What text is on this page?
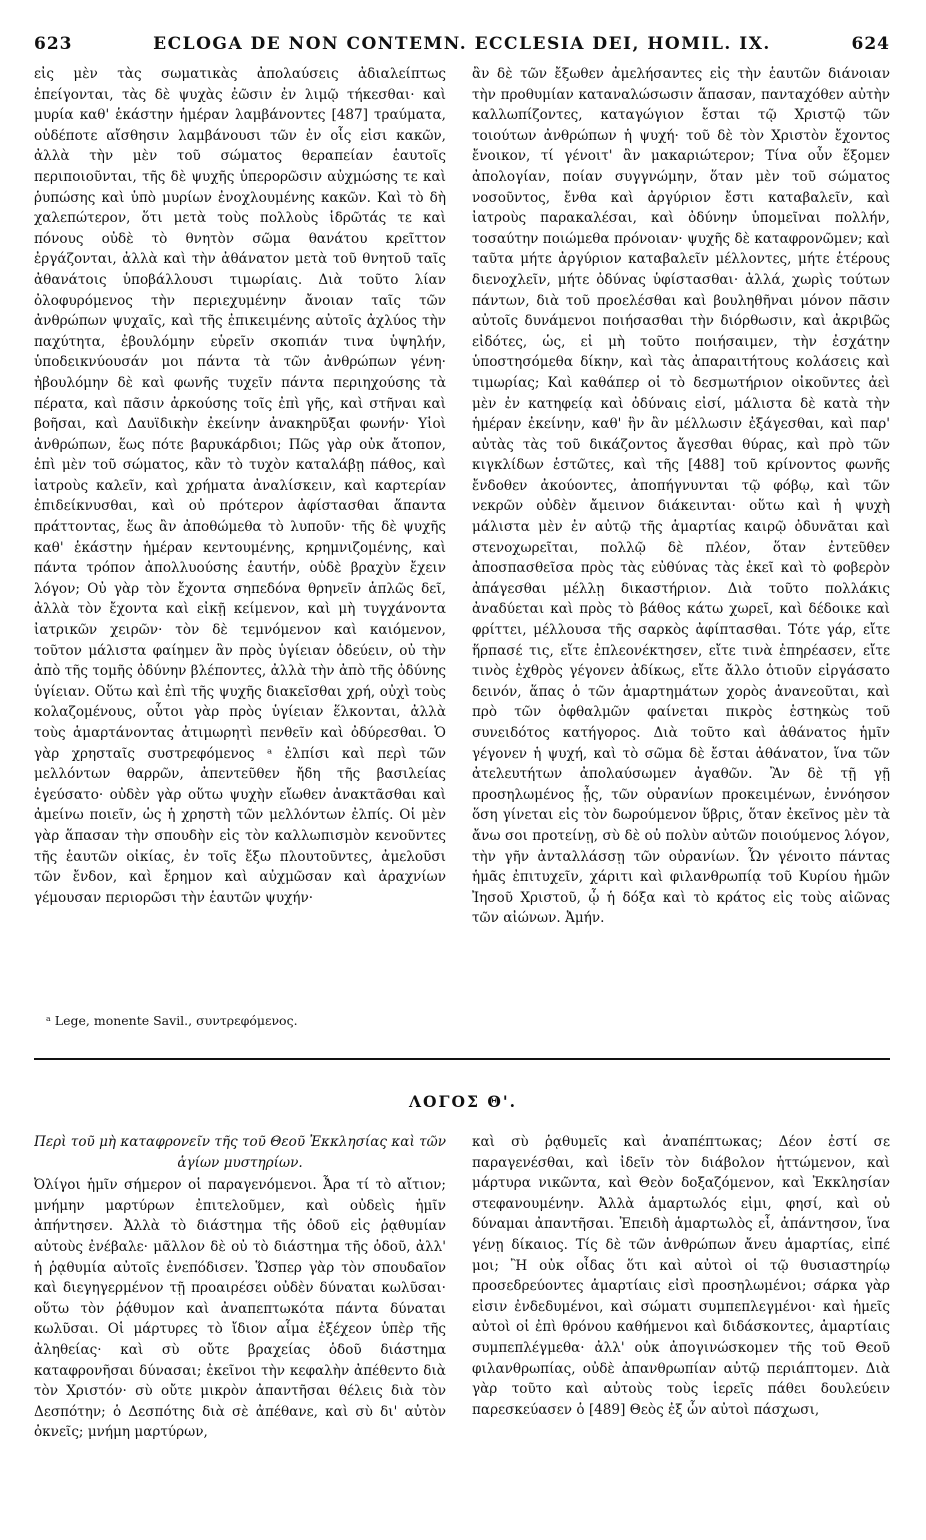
623	ECLOGA DE NON CONTEMN. ECCLESIA DEI, HOMIL. IX.	624

εἰς μὲν τὰς σωματικὰς ἀπολαύσεις ἀδιαλείπτως ἐπείγονται, τὰς δὲ ψυχὰς ἐῶσιν ἐν λιμῷ τήκεσθαι· καὶ μυρία καθ' ἑκάστην ἡμέραν λαμβάνοντες [487] τραύματα, οὐδέποτε αἴσθησιν λαμβάνουσι τῶν ἐν οἷς εἰσι κακῶν, ἀλλὰ τὴν μὲν τοῦ σώματος θεραπείαν ἑαυτοῖς περιποιοῦνται, τῆς δὲ ψυχῆς ὑπερορῶσιν αὐχμώσης τε καὶ ῥυπώσης καὶ ὑπὸ μυρίων ἐνοχλουμένης κακῶν. Καὶ τὸ δὴ χαλεπώτερον, ὅτι μετὰ τοὺς πολλοὺς ἱδρῶτάς τε καὶ πόνους οὐδὲ τὸ θνητὸν σῶμα θανάτου κρεῖττον ἐργάζονται, ἀλλὰ καὶ τὴν ἀθάνατον μετὰ τοῦ θνητοῦ ταῖς ἀθανάτοις ὑποβάλλουσι τιμωρίαις. Διὰ τοῦτο λίαν ὀλοφυρόμενος τὴν περιεχυμένην ἄνοιαν ταῖς τῶν ἀνθρώπων ψυχαῖς, καὶ τῆς ἐπικειμένης αὐτοῖς ἀχλύος τὴν παχύτητα, ἐβουλόμην εὑρεῖν σκοπιάν τινα ὑψηλήν, ὑποδεικνύουσάν μοι πάντα τὰ τῶν ἀνθρώπων γένη· ἠβουλόμην δὲ καὶ φωνῆς τυχεῖν πάντα περιηχούσης τὰ πέρατα, καὶ πᾶσιν ἀρκούσης τοῖς ἐπὶ γῆς, καὶ στῆναι καὶ βοῆσαι, καὶ Δαυϊδικὴν ἐκείνην ἀνακηρῦξαι φωνήν· Υἱοὶ ἀνθρώπων, ἕως πότε βαρυκάρδιοι; Πῶς γὰρ οὐκ ἄτοπον, ἐπὶ μὲν τοῦ σώματος, κἂν τὸ τυχὸν καταλάβῃ πάθος, καὶ ἰατροὺς καλεῖν, καὶ χρήματα ἀναλίσκειν, καὶ καρτερίαν ἐπιδείκνυσθαι, καὶ οὐ πρότερον ἀφίστασθαι ἅπαντα πράττοντας, ἕως ἂν ἀποθώμεθα τὸ λυποῦν· τῆς δὲ ψυχῆς καθ' ἑκάστην ἡμέραν κεντουμένης, κρημνιζομένης, καὶ πάντα τρόπον ἀπολλυούσης ἑαυτήν, οὐδὲ βραχὺν ἔχειν λόγον; Οὐ γὰρ τὸν ἔχοντα σηπεδόνα θρηνεῖν ἁπλῶς δεῖ, ἀλλὰ τὸν ἔχοντα καὶ εἰκῇ κείμενον, καὶ μὴ τυγχάνοντα ἰατρικῶν χειρῶν· τὸν δὲ τεμνόμενον καὶ καιόμενον, τοῦτον μάλιστα φαίημεν ἂν πρὸς ὑγίειαν ὁδεύειν, οὐ τὴν ἀπὸ τῆς τομῆς ὀδύνην βλέποντες, ἀλλὰ τὴν ἀπὸ τῆς ὀδύνης ὑγίειαν. Οὕτω καὶ ἐπὶ τῆς ψυχῆς διακεῖσθαι χρή, οὐχὶ τοὺς κολαζομένους, οὗτοι γὰρ πρὸς ὑγίειαν ἕλκονται, ἀλλὰ τοὺς ἁμαρτάνοντας ἀτιμωρητὶ πενθεῖν καὶ ὀδύρεσθαι. Ὁ γὰρ χρησταῖς συστρεφόμενος ᵃ ἐλπίσι καὶ περὶ τῶν μελλόντων θαρρῶν, ἀπεντεῦθεν ἤδη τῆς βασιλείας ἐγεύσατο· οὐδὲν γὰρ οὕτω ψυχὴν εἴωθεν ἀνακτᾶσθαι καὶ ἀμείνω ποιεῖν, ὡς ἡ χρηστὴ τῶν μελλόντων ἐλπίς. Οἱ μὲν γὰρ ἅπασαν τὴν σπουδὴν εἰς τὸν καλλωπισμὸν κενοῦντες τῆς ἑαυτῶν οἰκίας, ἐν τοῖς ἔξω πλουτοῦντες, ἀμελοῦσι τῶν ἔνδον, καὶ ἔρημον καὶ αὐχμῶσαν καὶ ἀραχνίων γέμουσαν περιορῶσι τὴν ἑαυτῶν ψυχήν·

ᵃ Lege, monente Savil., συντρεφόμενος.

ἂν δὲ τῶν ἔξωθεν ἀμελήσαντες εἰς τὴν ἑαυτῶν διάνοιαν τὴν προθυμίαν καταναλώσωσιν ἅπασαν, πανταχόθεν αὐτὴν καλλωπίζοντες, καταγώγιον ἔσται τῷ Χριστῷ τῶν τοιούτων ἀνθρώπων ἡ ψυχή· τοῦ δὲ τὸν Χριστὸν ἔχοντος ἔνοικον, τί γένοιτ' ἂν μακαριώτερον; Τίνα οὖν ἕξομεν ἀπολογίαν, ποίαν συγγνώμην, ὅταν μὲν τοῦ σώματος νοσοῦντος, ἔνθα καὶ ἀργύριον ἔστι καταβαλεῖν, καὶ ἰατροὺς παρακαλέσαι, καὶ ὀδύνην ὑπομεῖναι πολλήν, τοσαύτην ποιώμεθα πρόνοιαν· ψυχῆς δὲ καταφρονῶμεν; καὶ ταῦτα μήτε ἀργύριον καταβαλεῖν μέλλοντες, μήτε ἑτέρους διενοχλεῖν, μήτε ὀδύνας ὑφίστασθαι· ἀλλά, χωρὶς τούτων πάντων, διὰ τοῦ προελέσθαι καὶ βουληθῆναι μόνον πᾶσιν αὐτοῖς δυνάμενοι ποιήσασθαι τὴν διόρθωσιν, καὶ ἀκριβῶς εἰδότες, ὡς, εἰ μὴ τοῦτο ποιήσαιμεν, τὴν ἐσχάτην ὑποστησόμεθα δίκην, καὶ τὰς ἀπαραιτήτους κολάσεις καὶ τιμωρίας; Καὶ καθάπερ οἱ τὸ δεσμωτήριον οἰκοῦντες ἀεὶ μὲν ἐν κατηφείᾳ καὶ ὀδύναις εἰσί, μάλιστα δὲ κατὰ τὴν ἡμέραν ἐκείνην, καθ' ἣν ἂν μέλλωσιν ἐξάγεσθαι, καὶ παρ' αὐτὰς τὰς τοῦ δικάζοντος ἄγεσθαι θύρας, καὶ πρὸ τῶν κιγκλίδων ἑστῶτες, καὶ τῆς [488] τοῦ κρίνοντος φωνῆς ἔνδοθεν ἀκούοντες, ἀποπήγνυνται τῷ φόβῳ, καὶ τῶν νεκρῶν οὐδὲν ἄμεινον διάκεινται· οὕτω καὶ ἡ ψυχὴ μάλιστα μὲν ἐν αὐτῷ τῆς ἁμαρτίας καιρῷ ὀδυνᾶται καὶ στενοχωρεῖται, πολλῷ δὲ πλέον, ὅταν ἐντεῦθεν ἀποσπασθεῖσα πρὸς τὰς εὐθύνας τὰς ἐκεῖ καὶ τὸ φοβερὸν ἀπάγεσθαι μέλλῃ δικαστήριον. Διὰ τοῦτο πολλάκις ἀναδύεται καὶ πρὸς τὸ βάθος κάτω χωρεῖ, καὶ δέδοικε καὶ φρίττει, μέλλουσα τῆς σαρκὸς ἀφίπτασθαι. Τότε γάρ, εἴτε ἥρπασέ τις, εἴτε ἐπλεονέκτησεν, εἴτε τινὰ ἐπηρέασεν, εἴτε τινὸς ἐχθρὸς γέγονεν ἀδίκως, εἴτε ἄλλο ὁτιοῦν εἰργάσατο δεινόν, ἅπας ὁ τῶν ἁμαρτημάτων χορὸς ἀνανεοῦται, καὶ πρὸ τῶν ὀφθαλμῶν φαίνεται πικρὸς ἑστηκὼς τοῦ συνειδότος κατήγορος. Διὰ τοῦτο καὶ ἀθάνατος ἡμῖν γέγονεν ἡ ψυχή, καὶ τὸ σῶμα δὲ ἔσται ἀθάνατον, ἵνα τῶν ἀτελευτήτων ἀπολαύσωμεν ἀγαθῶν. Ἂν δὲ τῇ γῇ προσηλωμένος ᾖς, τῶν οὐρανίων προκειμένων, ἐννόησον ὅση γίνεται εἰς τὸν δωρούμενον ὕβρις, ὅταν ἐκεῖνος μὲν τὰ ἄνω σοι προτείνῃ, σὺ δὲ οὐ πολὺν αὐτῶν ποιούμενος λόγον, τὴν γῆν ἀνταλλάσσῃ τῶν οὐρανίων. Ὧν γένοιτο πάντας ἡμᾶς ἐπιτυχεῖν, χάριτι καὶ φιλανθρωπίᾳ τοῦ Κυρίου ἡμῶν Ἰησοῦ Χριστοῦ, ᾧ ἡ δόξα καὶ τὸ κράτος εἰς τοὺς αἰῶνας τῶν αἰώνων. Ἀμήν.

ΛΟΓΟΣ Θ'.

Περὶ τοῦ μὴ καταφρονεῖν τῆς τοῦ Θεοῦ Ἐκκλησίας καὶ τῶν ἁγίων μυστηρίων.

Ὀλίγοι ἡμῖν σήμερον οἱ παραγενόμενοι. Ἆρα τί τὸ αἴτιον; μνήμην μαρτύρων ἐπιτελοῦμεν, καὶ οὐδεὶς ἡμῖν ἀπήντησεν. Ἀλλὰ τὸ διάστημα τῆς ὁδοῦ εἰς ῥᾳθυμίαν αὐτοὺς ἐνέβαλε· μᾶλλον δὲ οὐ τὸ διάστημα τῆς ὁδοῦ, ἀλλ' ἡ ῥᾳθυμία αὐτοῖς ἐνεπόδισεν. Ὥσπερ γὰρ τὸν σπουδαῖον καὶ διεγηγερμένον τῇ προαιρέσει οὐδὲν δύναται κωλῦσαι· οὕτω τὸν ῥᾴθυμον καὶ ἀναπεπτωκότα πάντα δύναται κωλῦσαι. Οἱ μάρτυρες τὸ ἴδιον αἷμα ἐξέχεον ὑπὲρ τῆς ἀληθείας· καὶ σὺ οὔτε βραχείας ὁδοῦ διάστημα καταφρονῆσαι δύνασαι; ἐκεῖνοι τὴν κεφαλὴν ἀπέθεντο διὰ τὸν Χριστόν· σὺ οὔτε μικρὸν ἀπαντῆσαι θέλεις διὰ τὸν Δεσπότην; ὁ Δεσπότης διὰ σὲ ἀπέθανε, καὶ σὺ δι' αὐτὸν ὀκνεῖς; μνήμη μαρτύρων,

καὶ σὺ ῥᾳθυμεῖς καὶ ἀναπέπτωκας; Δέον ἐστί σε παραγενέσθαι, καὶ ἰδεῖν τὸν διάβολον ἡττώμενον, καὶ μάρτυρα νικῶντα, καὶ Θεὸν δοξαζόμενον, καὶ Ἐκκλησίαν στεφανουμένην. Ἀλλὰ ἁμαρτωλός εἰμι, φησί, καὶ οὐ δύναμαι ἀπαντῆσαι. Ἐπειδὴ ἁμαρτωλὸς εἶ, ἀπάντησον, ἵνα γένῃ δίκαιος. Τίς δὲ τῶν ἀνθρώπων ἄνευ ἁμαρτίας, εἰπέ μοι; Ἢ οὐκ οἶδας ὅτι καὶ αὐτοὶ οἱ τῷ θυσιαστηρίῳ προσεδρεύοντες ἁμαρτίαις εἰσὶ προσηλωμένοι; σάρκα γὰρ εἰσιν ἐνδεδυμένοι, καὶ σώματι συμπεπλεγμένοι· καὶ ἡμεῖς αὐτοὶ οἱ ἐπὶ θρόνου καθήμενοι καὶ διδάσκοντες, ἁμαρτίαις συμπεπλέγμεθα· ἀλλ' οὐκ ἀπογινώσκομεν τῆς τοῦ Θεοῦ φιλανθρωπίας, οὐδὲ ἀπανθρωπίαν αὐτῷ περιάπτομεν. Διὰ γὰρ τοῦτο καὶ αὐτοὺς τοὺς ἱερεῖς πάθει δουλεύειν παρεσκεύασεν ὁ [489] Θεὸς ἐξ ὧν αὐτοὶ πάσχωσι,
